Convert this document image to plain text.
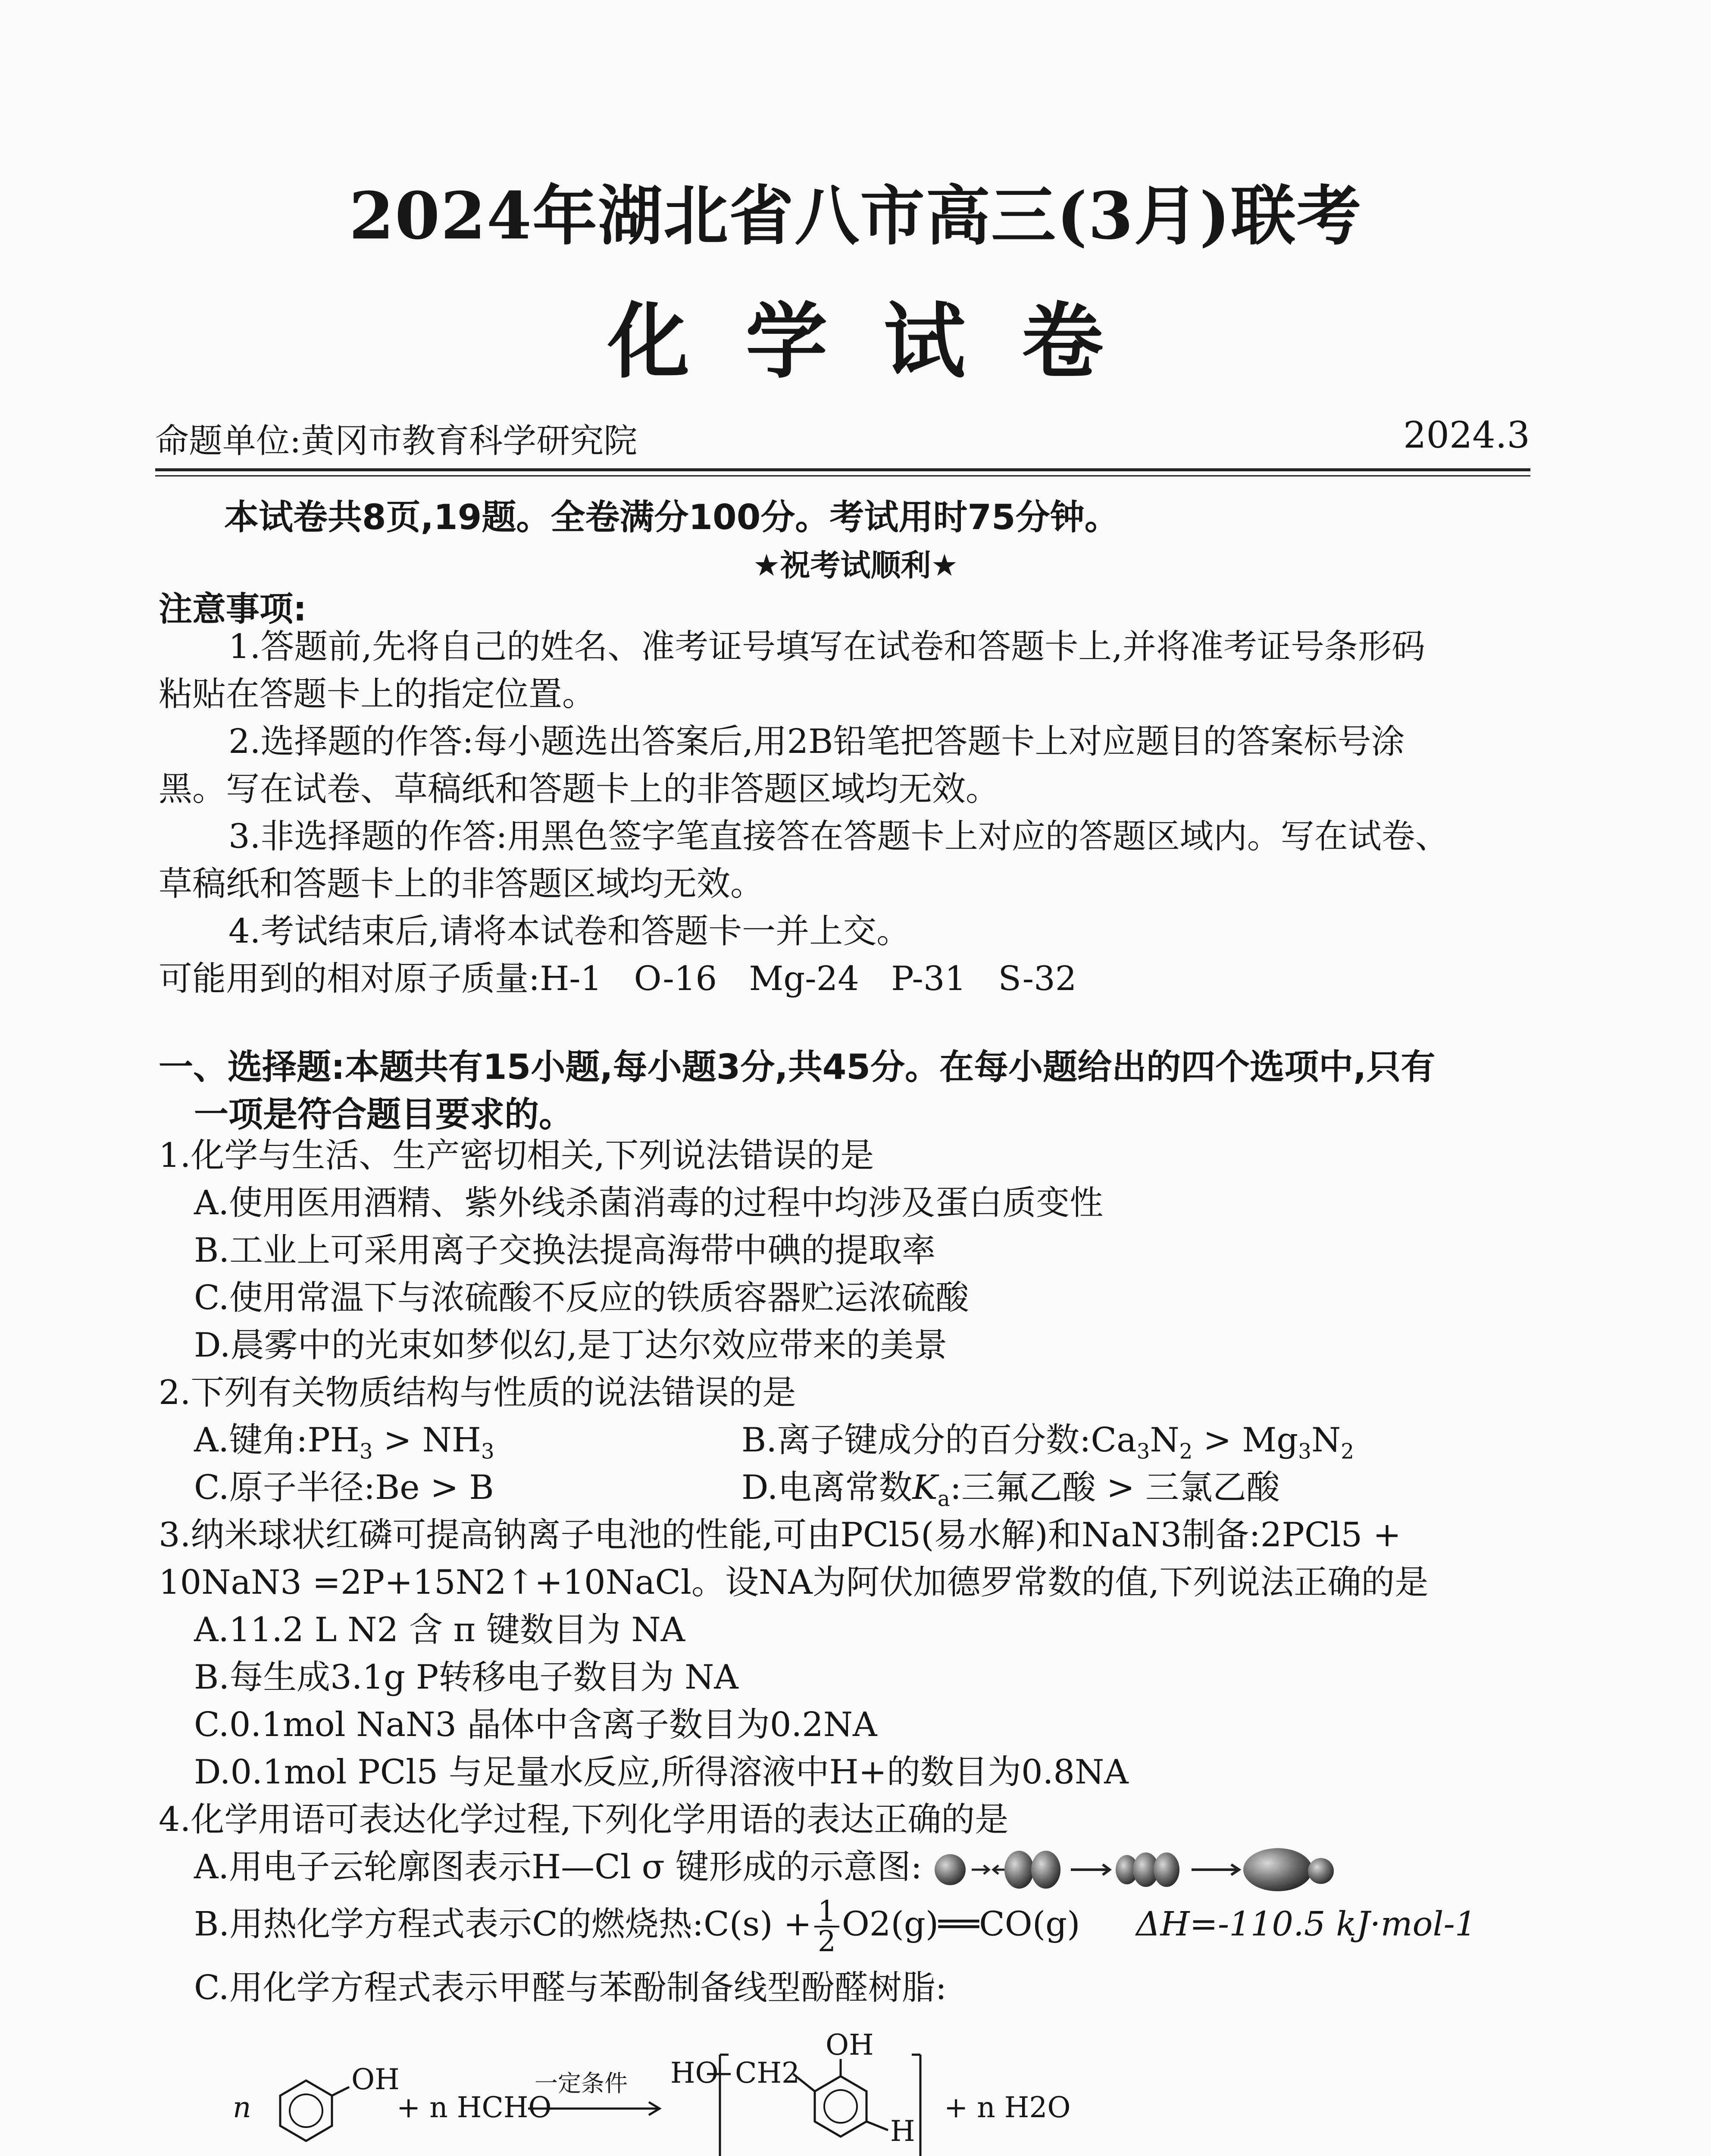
2024年湖北省八市高三(3月)联考
化学试卷
命题单位:黄冈市教育科学研究院	2024.3
本试卷共8页,19题。全卷满分100分。考试用时75分钟。
★祝考试顺利★
注意事项:
1.答题前,先将自己的姓名、准考证号填写在试卷和答题卡上,并将准考证号条形码
粘贴在答题卡上的指定位置。
2.选择题的作答:每小题选出答案后,用2B铅笔把答题卡上对应题目的答案标号涂
黑。写在试卷、草稿纸和答题卡上的非答题区域均无效。
3.非选择题的作答:用黑色签字笔直接答在答题卡上对应的答题区域内。写在试卷、
草稿纸和答题卡上的非答题区域均无效。
4.考试结束后,请将本试卷和答题卡一并上交。
可能用到的相对原子质量:H-1   O-16   Mg-24   P-31   S-32
一、选择题:本题共有15小题,每小题3分,共45分。在每小题给出的四个选项中,只有
一项是符合题目要求的。
1.化学与生活、生产密切相关,下列说法错误的是
A.使用医用酒精、紫外线杀菌消毒的过程中均涉及蛋白质变性
B.工业上可采用离子交换法提高海带中碘的提取率
C.使用常温下与浓硫酸不反应的铁质容器贮运浓硫酸
D.晨雾中的光束如梦似幻,是丁达尔效应带来的美景
2.下列有关物质结构与性质的说法错误的是
A.键角$:PH_3 > NH_3$	B.离子键成分的百分数$:Ca_3N_2 > Mg_3N_2$
C.原子半径:Be > B	D.电离常数$K_a$:三氟乙酸 > 三氯乙酸
3.纳米球状红磷可提高钠离子电池的性能,可由PCl5(易水解)和NaN3制备:2PCl5 +
10NaN3 =2P+15N2↑+10NaCl。设NA为阿伏加德罗常数的值,下列说法正确的是
A.11.2 L N2 含 π 键数目为 NA
B.每生成3.1g P转移电子数目为 NA
C.0.1mol NaN3 晶体中含离子数目为0.2NA
D.0.1mol PCl5 与足量水反应,所得溶液中H+的数目为0.8NA
4.化学用语可表达化学过程,下列化学用语的表达正确的是
A.用电子云轮廓图表示H—Cl σ 键形成的示意图:
B.用热化学方程式表示C的燃烧热:C(s) + $\frac{1}{2}$ O2(g)══CO(g) ΔH=-110.5 kJ·mol-1
C.用化学方程式表示甲醛与苯酚制备线型酚醛树脂:
n
OH
+ n HCHO
一定条件 HO CH2
OH
H
+ n H2O
